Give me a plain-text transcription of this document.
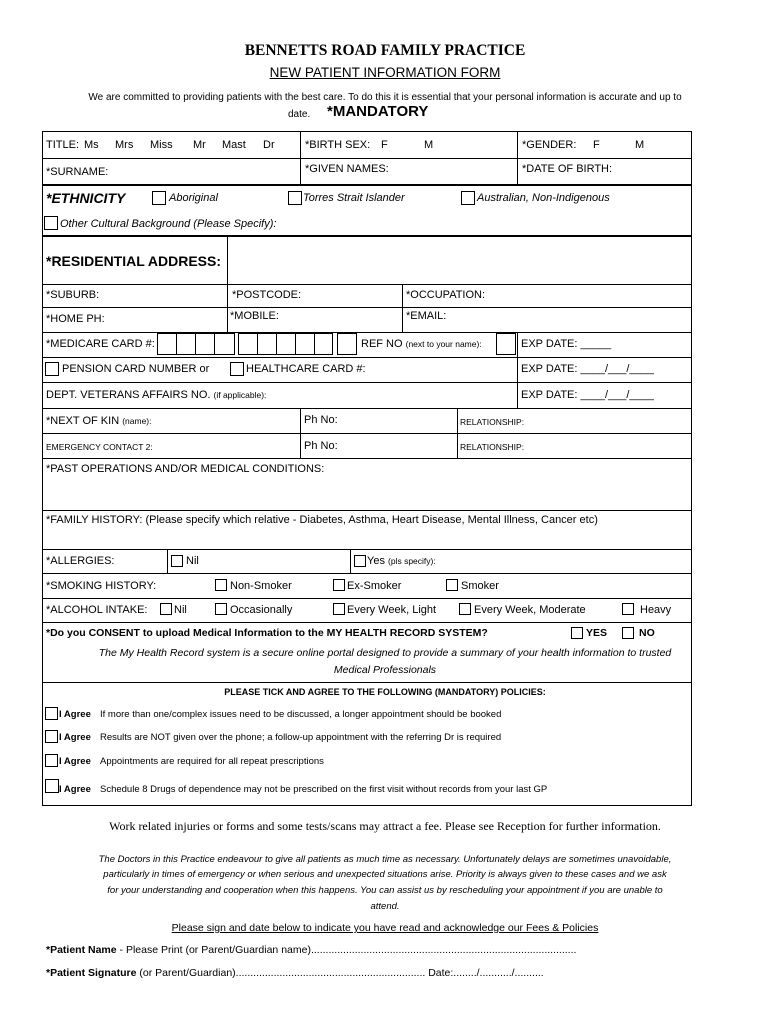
BENNETTS ROAD FAMILY PRACTICE
NEW PATIENT INFORMATION FORM
We are committed to providing patients with the best care. To do this it is essential that your personal information is accurate and up to
date. *MANDATORY
TITLE: Ms Mrs Miss Mr Mast Dr	*BIRTH SEX: F	M	*GENDER: F	M
*SURNAME:	*GIVEN NAMES:	*DATE OF BIRTH:
*ETHNICITY	Aboriginal	Torres Strait Islander	Australian, Non-Indigenous
Other Cultural Background (Please Specify):
*RESIDENTIAL ADDRESS:
*SUBURB:	*POSTCODE:	*OCCUPATION:
*HOME PH:	*MOBILE:	*EMAIL:
*MEDICARE CARD #:	REF NO (next to your name):	EXP DATE: _____
PENSION CARD NUMBER or	HEALTHCARE CARD #:	EXP DATE: ____/___/____
DEPT. VETERANS AFFAIRS NO. (if applicable):	EXP DATE: ____/___/____
*NEXT OF KIN (name):	Ph No:	RELATIONSHIP:
EMERGENCY CONTACT 2:	Ph No:	RELATIONSHIP:
*PAST OPERATIONS AND/OR MEDICAL CONDITIONS:
*FAMILY HISTORY: (Please specify which relative - Diabetes, Asthma, Heart Disease, Mental Illness, Cancer etc)
*ALLERGIES:	Nil	Yes (pls specify):
*SMOKING HISTORY:	Non-Smoker	Ex-Smoker	Smoker
*ALCOHOL INTAKE: Nil	Occasionally	Every Week, Light	Every Week, Moderate	Heavy
*Do you CONSENT to upload Medical Information to the MY HEALTH RECORD SYSTEM?	YES	NO
The My Health Record system is a secure online portal designed to provide a summary of your health information to trusted
Medical Professionals
PLEASE TICK AND AGREE TO THE FOLLOWING (MANDATORY) POLICIES:
I Agree If more than one/complex issues need to be discussed, a longer appointment should be booked
I Agree Results are NOT given over the phone; a follow-up appointment with the referring Dr is required
I Agree Appointments are required for all repeat prescriptions
I Agree Schedule 8 Drugs of dependence may not be prescribed on the first visit without records from your last GP
Work related injuries or forms and some tests/scans may attract a fee. Please see Reception for further information.
The Doctors in this Practice endeavour to give all patients as much time as necessary. Unfortunately delays are sometimes unavoidable,
particularly in times of emergency or when serious and unexpected situations arise. Priority is always given to these cases and we ask
for your understanding and cooperation when this happens. You can assist us by rescheduling your appointment if you are unable to
attend.
Please sign and date below to indicate you have read and acknowledge our Fees & Policies
*Patient Name - Please Print (or Parent/Guardian name)...........................................................................................
*Patient Signature (or Parent/Guardian)................................................................. Date:......../.........../..........
